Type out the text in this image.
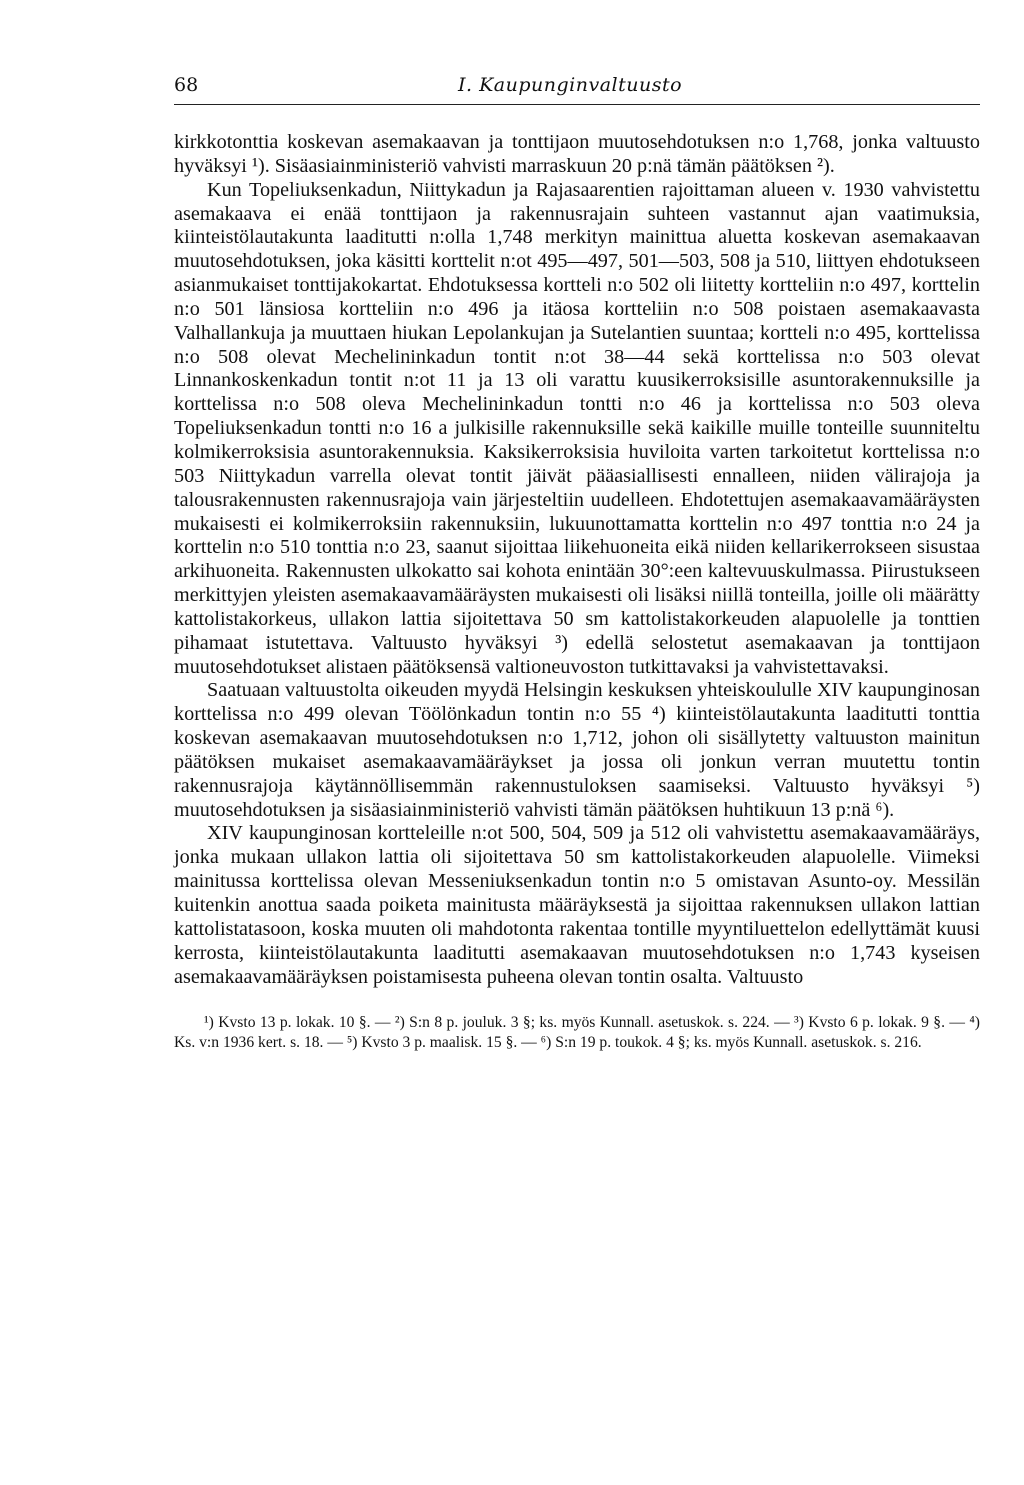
68	I. Kaupunginvaltuusto

kirkkotonttia koskevan asemakaavan ja tonttijaon muutosehdotuksen n:o 1,768, jonka valtuusto hyväksyi ¹). Sisäasiainministeriö vahvisti marraskuun 20 p:nä tämän päätöksen ²).

Kun Topeliuksenkadun, Niittykadun ja Rajasaarentien rajoittaman alueen v. 1930 vahvistettu asemakaava ei enää tonttijaon ja rakennusrajain suhteen vastannut ajan vaatimuksia, kiinteistölautakunta laaditutti n:olla 1,748 merkityn mainittua aluetta koskevan asemakaavan muutosehdotuksen, joka käsitti korttelit n:ot 495—497, 501—503, 508 ja 510, liittyen ehdotukseen asianmukaiset tonttijakokartat. Ehdotuksessa kortteli n:o 502 oli liitetty kortteliin n:o 497, korttelin n:o 501 länsiosa kortteliin n:o 496 ja itäosa kortteliin n:o 508 poistaen asemakaavasta Valhallankuja ja muuttaen hiukan Lepolankujan ja Sutelantien suuntaa; kortteli n:o 495, korttelissa n:o 508 olevat Mechelininkadun tontit n:ot 38—44 sekä korttelissa n:o 503 olevat Linnankoskenkadun tontit n:ot 11 ja 13 oli varattu kuusikerroksisille asuntorakennuksille ja korttelissa n:o 508 oleva Mechelininkadun tontti n:o 46 ja korttelissa n:o 503 oleva Topeliuksenkadun tontti n:o 16 a julkisille rakennuksille sekä kaikille muille tonteille suunniteltu kolmikerroksisia asuntorakennuksia. Kaksikerroksisia huviloita varten tarkoitetut korttelissa n:o 503 Niittykadun varrella olevat tontit jäivät pääasiallisesti ennalleen, niiden välirajoja ja talousrakennusten rakennusrajoja vain järjesteltiin uudelleen. Ehdotettujen asemakaavamääräysten mukaisesti ei kolmikerroksiin rakennuksiin, lukuunottamatta korttelin n:o 497 tonttia n:o 24 ja korttelin n:o 510 tonttia n:o 23, saanut sijoittaa liikehuoneita eikä niiden kellarikerrokseen sisustaa arkihuoneita. Rakennusten ulkokatto sai kohota enintään 30°:een kaltevuuskulmassa. Piirustukseen merkittyjen yleisten asemakaavamääräysten mukaisesti oli lisäksi niillä tonteilla, joille oli määrätty kattolistakorkeus, ullakon lattia sijoitettava 50 sm kattolistakorkeuden alapuolelle ja tonttien pihamaat istutettava. Valtuusto hyväksyi ³) edellä selostetut asemakaavan ja tonttijaon muutosehdotukset alistaen päätöksensä valtioneuvoston tutkittavaksi ja vahvistettavaksi.

Saatuaan valtuustolta oikeuden myydä Helsingin keskuksen yhteiskoululle XIV kaupunginosan korttelissa n:o 499 olevan Töölönkadun tontin n:o 55 ⁴) kiinteistölautakunta laaditutti tonttia koskevan asemakaavan muutosehdotuksen n:o 1,712, johon oli sisällytetty valtuuston mainitun päätöksen mukaiset asemakaavamääräykset ja jossa oli jonkun verran muutettu tontin rakennusrajoja käytännöllisemmän rakennustuloksen saamiseksi. Valtuusto hyväksyi ⁵) muutosehdotuksen ja sisäasiainministeriö vahvisti tämän päätöksen huhtikuun 13 p:nä ⁶).

XIV kaupunginosan kortteleille n:ot 500, 504, 509 ja 512 oli vahvistettu asemakaavamääräys, jonka mukaan ullakon lattia oli sijoitettava 50 sm kattolistakorkeuden alapuolelle. Viimeksi mainitussa korttelissa olevan Messeniuksenkadun tontin n:o 5 omistavan Asunto-oy. Messilän kuitenkin anottua saada poiketa mainitusta määräyksestä ja sijoittaa rakennuksen ullakon lattian kattolistatasoon, koska muuten oli mahdotonta rakentaa tontille myyntiluettelon edellyttämät kuusi kerrosta, kiinteistölautakunta laaditutti asemakaavan muutosehdotuksen n:o 1,743 kyseisen asemakaavamääräyksen poistamisesta puheena olevan tontin osalta. Valtuusto

¹) Kvsto 13 p. lokak. 10 §. — ²) S:n 8 p. jouluk. 3 §; ks. myös Kunnall. asetuskok. s. 224. — ³) Kvsto 6 p. lokak. 9 §. — ⁴) Ks. v:n 1936 kert. s. 18. — ⁵) Kvsto 3 p. maalisk. 15 §. — ⁶) S:n 19 p. toukok. 4 §; ks. myös Kunnall. asetuskok. s. 216.
